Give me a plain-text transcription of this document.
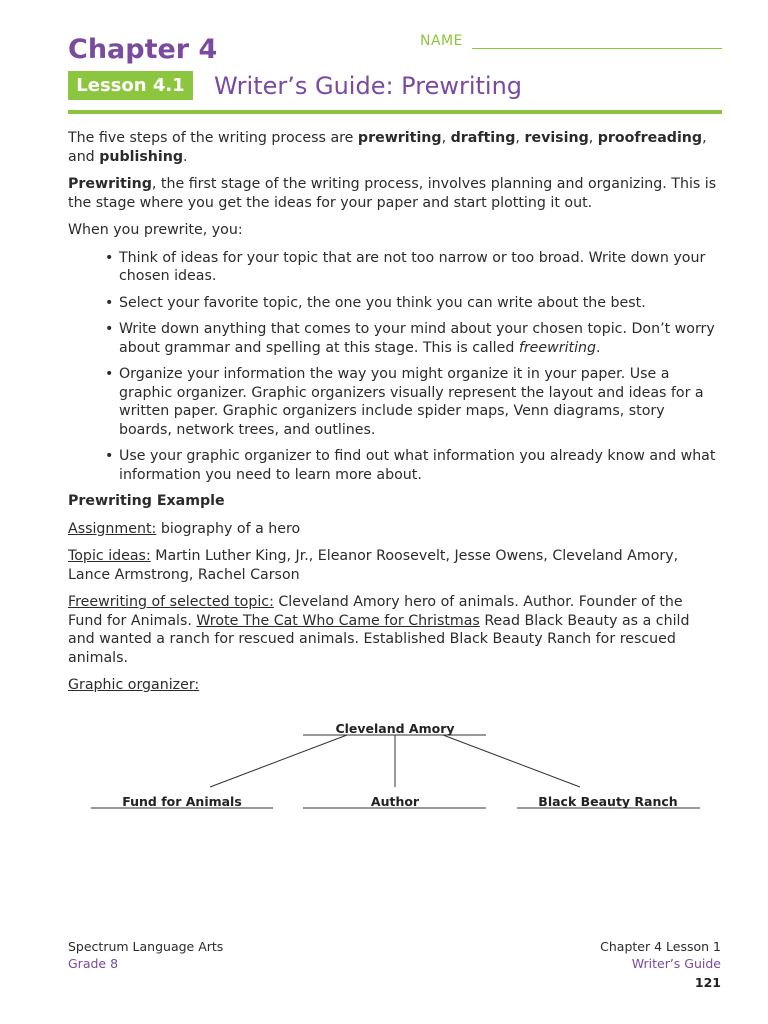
Chapter 4	NAME
Lesson 4.1	Writer’s Guide: Prewriting

The five steps of the writing process are prewriting, drafting, revising, proofreading, and publishing.

Prewriting, the first stage of the writing process, involves planning and organizing. This is the stage where you get the ideas for your paper and start plotting it out.

When you prewrite, you:

• Think of ideas for your topic that are not too narrow or too broad. Write down your chosen ideas.
• Select your favorite topic, the one you think you can write about the best.
• Write down anything that comes to your mind about your chosen topic. Don’t worry about grammar and spelling at this stage. This is called freewriting.
• Organize your information the way you might organize it in your paper. Use a graphic organizer. Graphic organizers visually represent the layout and ideas for a written paper. Graphic organizers include spider maps, Venn diagrams, story boards, network trees, and outlines.
• Use your graphic organizer to find out what information you already know and what information you need to learn more about.

Prewriting Example

Assignment: biography of a hero

Topic ideas: Martin Luther King, Jr., Eleanor Roosevelt, Jesse Owens, Cleveland Amory, Lance Armstrong, Rachel Carson

Freewriting of selected topic: Cleveland Amory hero of animals. Author. Founder of the Fund for Animals. Wrote The Cat Who Came for Christmas Read Black Beauty as a child and wanted a ranch for rescued animals. Established Black Beauty Ranch for rescued animals.

Graphic organizer:

Cleveland Amory
Fund for Animals	Author	Black Beauty Ranch
Spectrum Language Arts
Grade 8
Chapter 4 Lesson 1
Writer’s Guide
121
